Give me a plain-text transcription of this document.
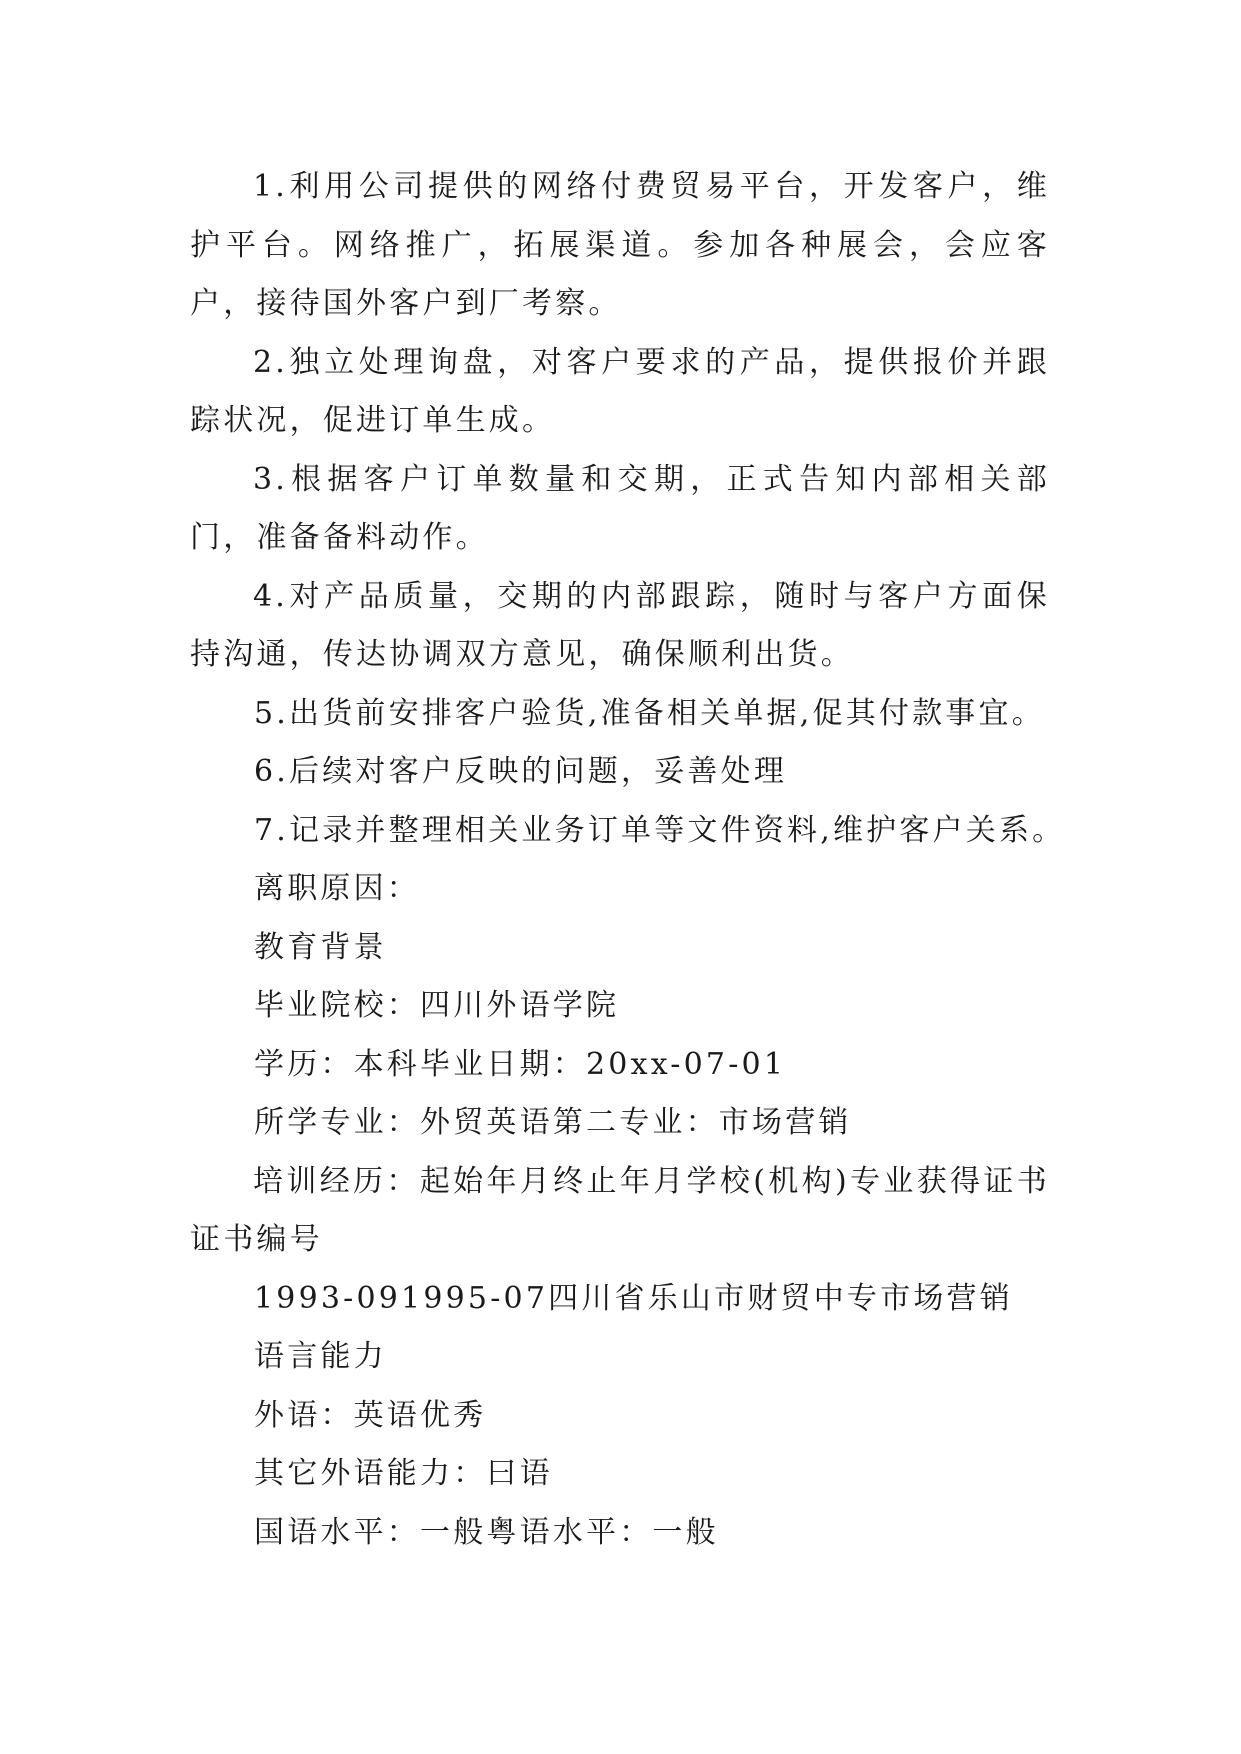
1.利用公司提供的网络付费贸易平台，开发客户，维护平台。网络推广，拓展渠道。参加各种展会，会应客户，接待国外客户到厂考察。

2.独立处理询盘，对客户要求的产品，提供报价并跟踪状况，促进订单生成。

3.根据客户订单数量和交期，正式告知内部相关部门，准备备料动作。

4.对产品质量，交期的内部跟踪，随时与客户方面保持沟通，传达协调双方意见，确保顺利出货。

5.出货前安排客户验货,准备相关单据,促其付款事宜。

6.后续对客户反映的问题，妥善处理

7.记录并整理相关业务订单等文件资料,维护客户关系。

离职原因：

教育背景

毕业院校：四川外语学院

学历：本科毕业日期：20xx-07-01

所学专业：外贸英语第二专业：市场营销

培训经历：起始年月终止年月学校(机构)专业获得证书证书编号

1993-091995-07四川省乐山市财贸中专市场营销

语言能力

外语：英语优秀

其它外语能力：曰语

国语水平：一般粤语水平：一般
